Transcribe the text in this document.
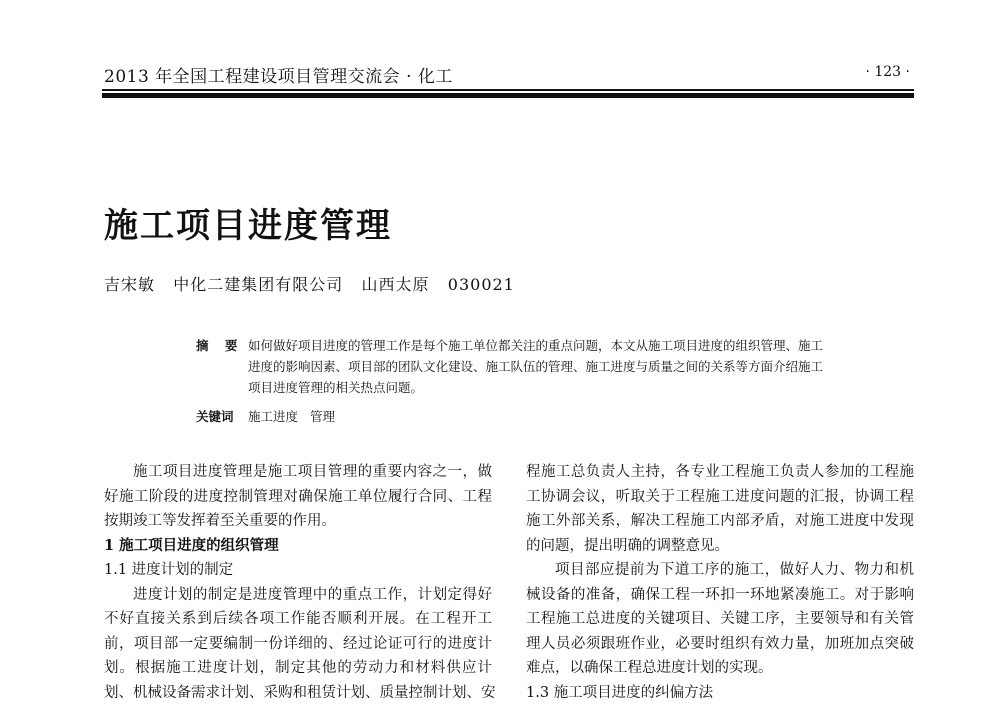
2013 年全国工程建设项目管理交流会 · 化工	· 123 ·
施工项目进度管理
吉宋敏   中化二建集团有限公司   山西太原   030021
摘 要 如何做好项目进度的管理工作是每个施工单位都关注的重点问题，本文从施工项目进度的组织管理、施工
进度的影响因素、项目部的团队文化建设、施工队伍的管理、施工进度与质量之间的关系等方面介绍施工
项目进度管理的相关热点问题。
关键词 施工进度 管理
施工项目进度管理是施工项目管理的重要内容之一，做
好施工阶段的进度控制管理对确保施工单位履行合同、工程
按期竣工等发挥着至关重要的作用。
1 施工项目进度的组织管理
1.1 进度计划的制定
进度计划的制定是进度管理中的重点工作，计划定得好
不好直接关系到后续各项工作能否顺利开展。在工程开工
前，项目部一定要编制一份详细的、经过论证可行的进度计
划。根据施工进度计划，制定其他的劳动力和材料供应计
划、机械设备需求计划、采购和租赁计划、质量控制计划、安
程施工总负责人主持，各专业工程施工负责人参加的工程施
工协调会议，听取关于工程施工进度问题的汇报，协调工程
施工外部关系，解决工程施工内部矛盾，对施工进度中发现
的问题，提出明确的调整意见。
项目部应提前为下道工序的施工，做好人力、物力和机
械设备的准备，确保工程一环扣一环地紧凑施工。对于影响
工程施工总进度的关键项目、关键工序，主要领导和有关管
理人员必须跟班作业，必要时组织有效力量，加班加点突破
难点，以确保工程总进度计划的实现。
1.3 施工项目进度的纠偏方法
